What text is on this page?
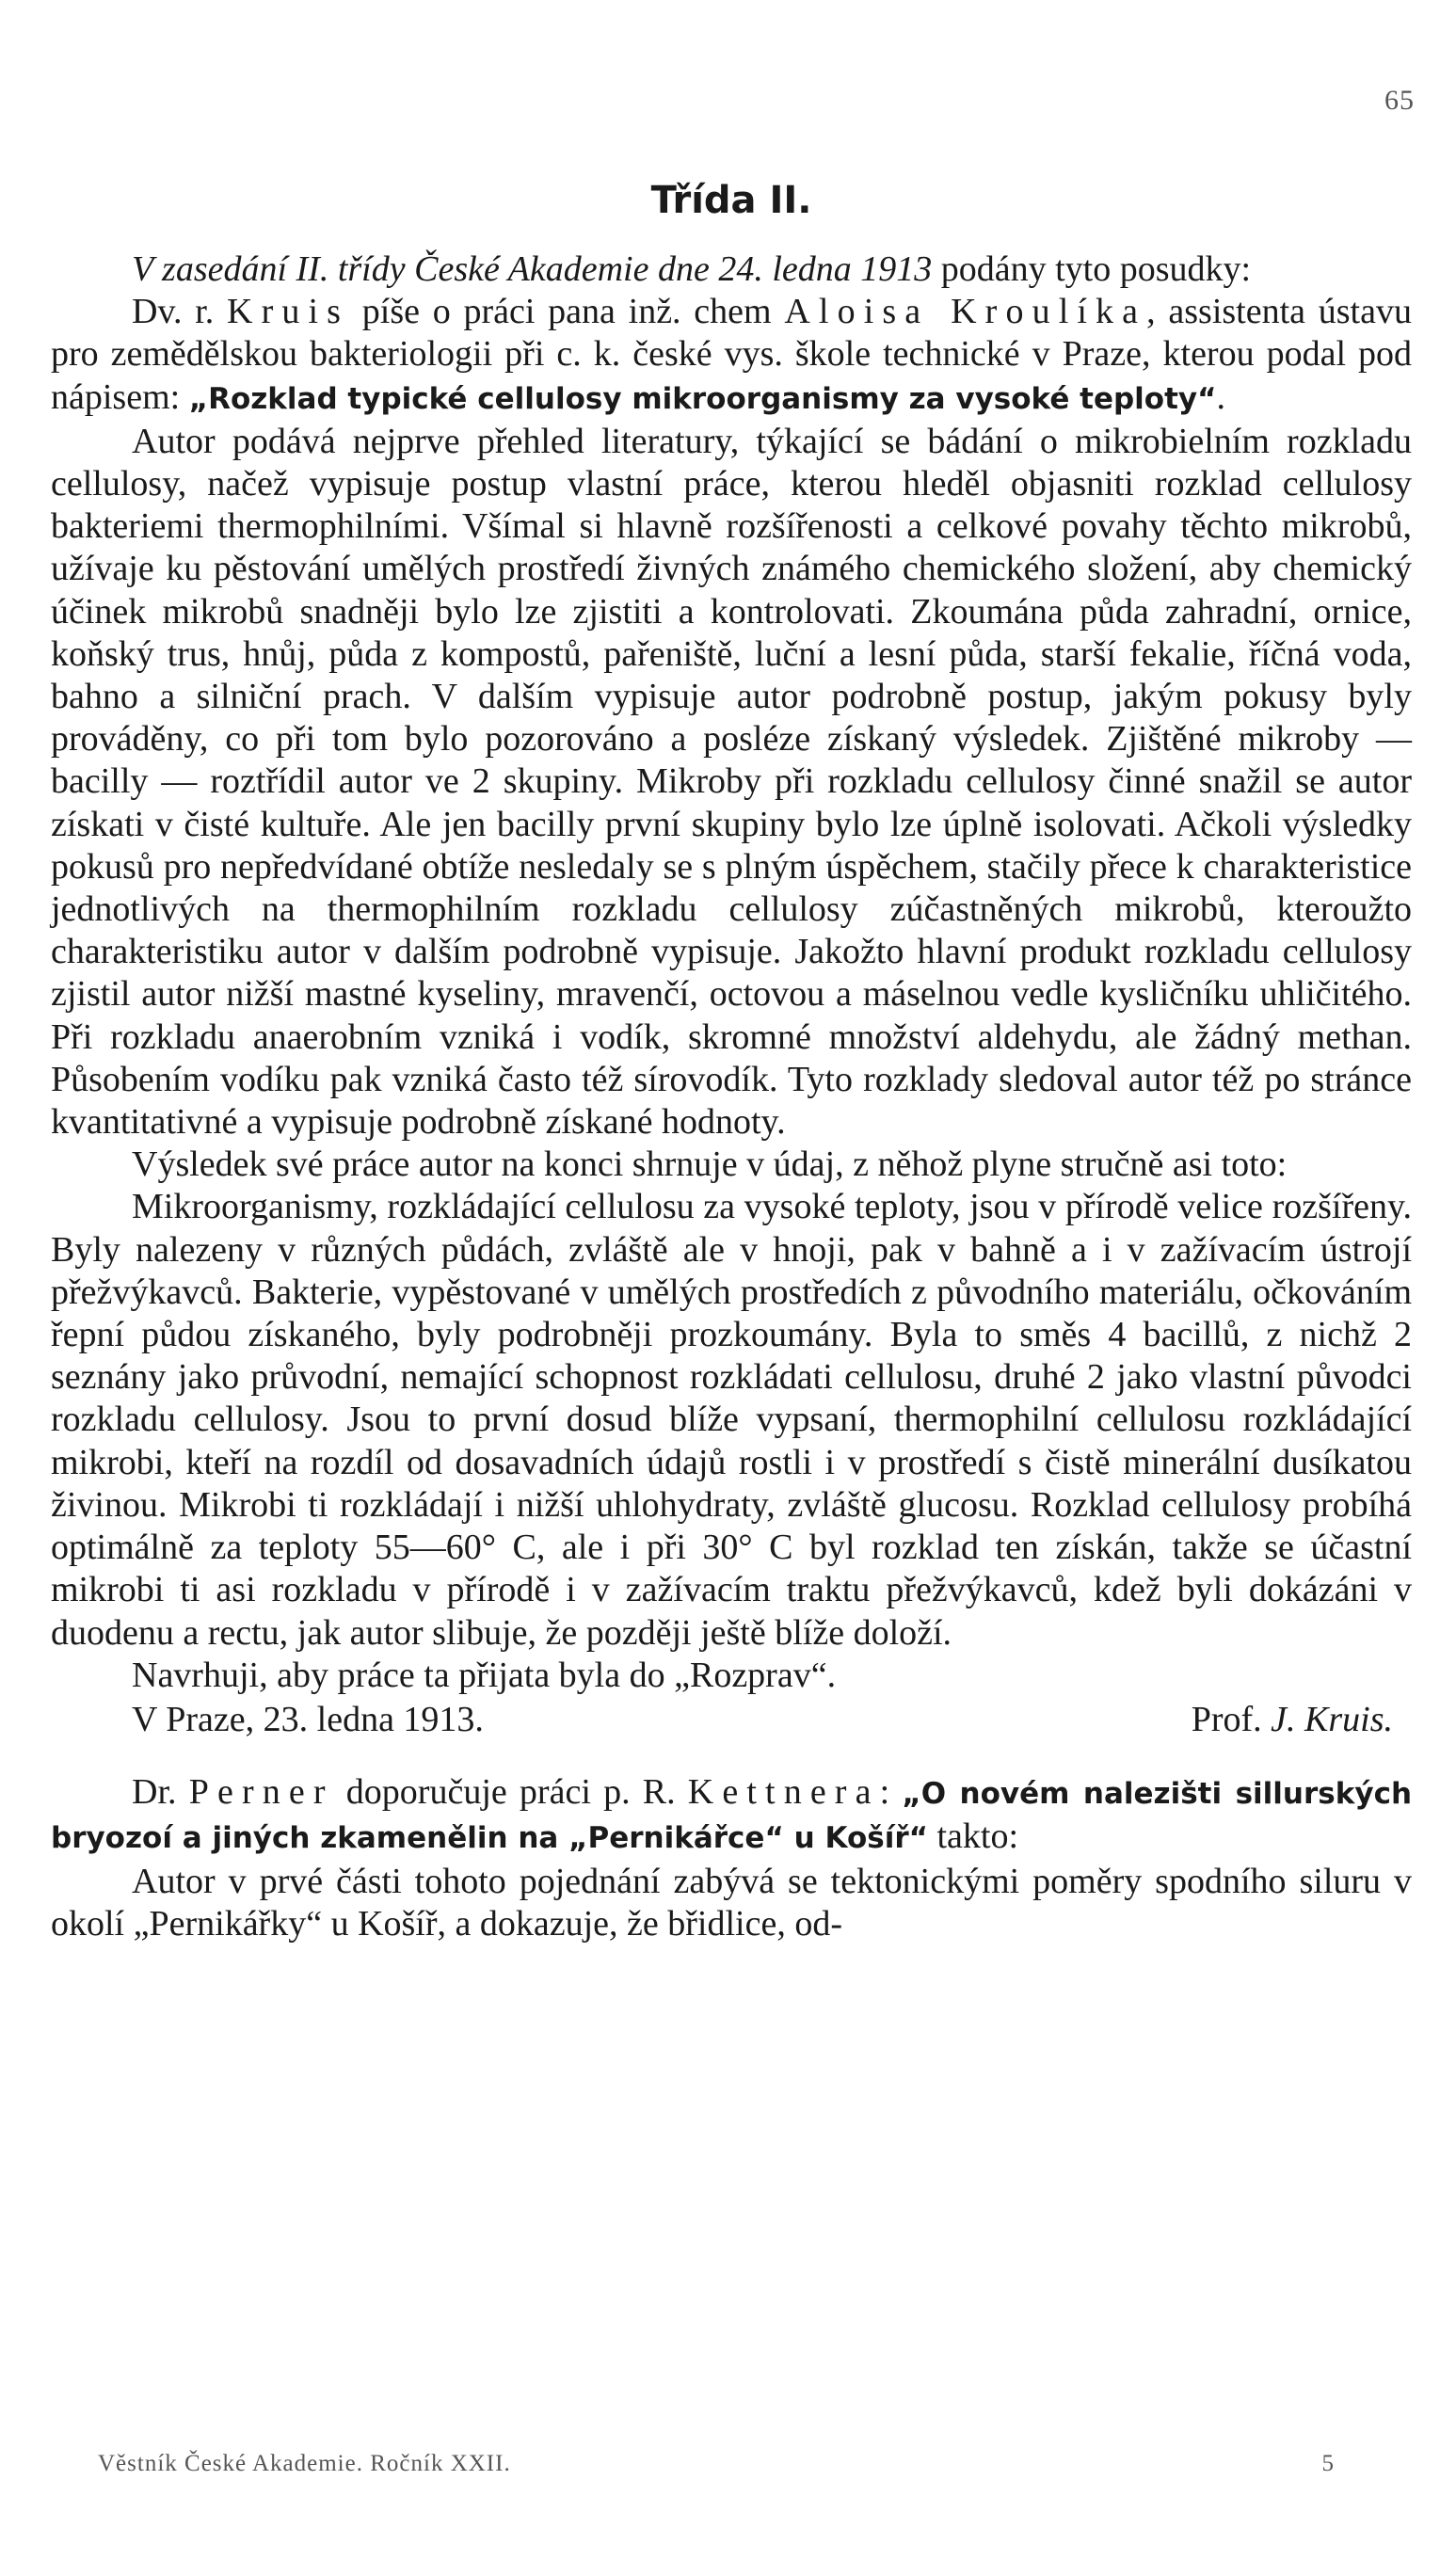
65
Třída II.

V zasedání II. třídy České Akademie dne 24. ledna 1913 podány tyto posudky:

Dv. r. Kruis píše o práci pana inž. chem Aloisa Kroulíka, assistenta ústavu pro zemědělskou bakteriologii při c. k. české vys. škole technické v Praze, kterou podal pod nápisem: „Rozklad typické cellulosy mikroorganismy za vysoké teploty“.

Autor podává nejprve přehled literatury, týkající se bádání o mikrobielním rozkladu cellulosy, načež vypisuje postup vlastní práce, kterou hleděl objasniti rozklad cellulosy bakteriemi thermophilními. Všímal si hlavně rozšířenosti a celkové povahy těchto mikrobů, užívaje ku pěstování umělých prostředí živných známého chemického složení, aby chemický účinek mikrobů snadněji bylo lze zjistiti a kontrolovati. Zkoumána půda zahradní, ornice, koňský trus, hnůj, půda z kompostů, pařeniště, luční a lesní půda, starší fekalie, říčná voda, bahno a silniční prach. V dalším vypisuje autor podrobně postup, jakým pokusy byly prováděny, co při tom bylo pozorováno a posléze získaný výsledek. Zjištěné mikroby — bacilly — roztřídil autor ve 2 skupiny. Mikroby při rozkladu cellulosy činné snažil se autor získati v čisté kultuře. Ale jen bacilly první skupiny bylo lze úplně isolovati. Ačkoli výsledky pokusů pro nepředvídané obtíže nesledaly se s plným úspěchem, stačily přece k charakteristice jednotlivých na thermophilním rozkladu cellulosy zúčastněných mikrobů, kteroužto charakteristiku autor v dalším podrobně vypisuje. Jakožto hlavní produkt rozkladu cellulosy zjistil autor nižší mastné kyseliny, mravenčí, octovou a máselnou vedle kysličníku uhličitého. Při rozkladu anaerobním vzniká i vodík, skromné množství aldehydu, ale žádný methan. Působením vodíku pak vzniká často též sírovodík. Tyto rozklady sledoval autor též po stránce kvantitativné a vypisuje podrobně získané hodnoty.

Výsledek své práce autor na konci shrnuje v údaj, z něhož plyne stručně asi toto:

Mikroorganismy, rozkládající cellulosu za vysoké teploty, jsou v přírodě velice rozšířeny. Byly nalezeny v různých půdách, zvláště ale v hnoji, pak v bahně a i v zažívacím ústrojí přežvýkavců. Bakterie, vypěstované v umělých prostředích z původního materiálu, očkováním řepní půdou získaného, byly podrobněji prozkoumány. Byla to směs 4 bacillů, z nichž 2 seznány jako průvodní, nemající schopnost rozkládati cellulosu, druhé 2 jako vlastní původci rozkladu cellulosy. Jsou to první dosud blíže vypsaní, thermophilní cellulosu rozkládající mikrobi, kteří na rozdíl od dosavadních údajů rostli i v prostředí s čistě minerální dusíkatou živinou. Mikrobi ti rozkládají i nižší uhlohydraty, zvláště glucosu. Rozklad cellulosy probíhá optimálně za teploty 55—60° C, ale i při 30° C byl rozklad ten získán, takže se účastní mikrobi ti asi rozkladu v přírodě i v zažívacím traktu přežvýkavců, kdež byli dokázáni v duodenu a rectu, jak autor slibuje, že později ještě blíže doloží.

Navrhuji, aby práce ta přijata byla do „Rozprav“.

V Praze, 23. ledna 1913.	Prof. J. Kruis.

Dr. Perner doporučuje práci p. R. Kettnera: „O novém nalezišti sillurských bryozoí a jiných zkamenělin na „Pernikářce“ u Košíř“ takto:

Autor v prvé části tohoto pojednání zabývá se tektonickými poměry spodního siluru v okolí „Pernikářky“ u Košíř, a dokazuje, že břidlice, od-

Věstník České Akademie. Ročník XXII.	5
